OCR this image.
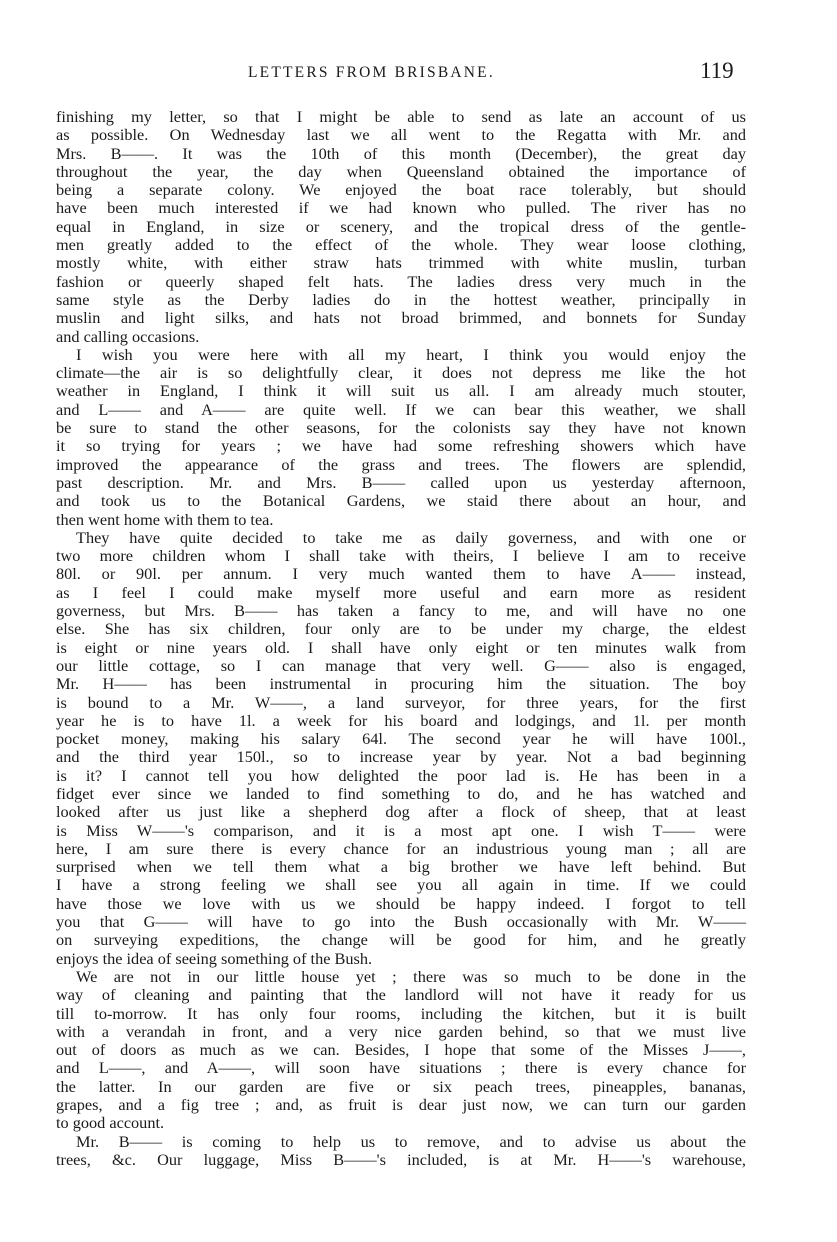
LETTERS FROM BRISBANE.	119
finishing my letter, so that I might be able to send as late an account of us
as possible. On Wednesday last we all went to the Regatta with Mr. and
Mrs. B——. It was the 10th of this month (December), the great day
throughout the year, the day when Queensland obtained the importance of
being a separate colony. We enjoyed the boat race tolerably, but should
have been much interested if we had known who pulled. The river has no
equal in England, in size or scenery, and the tropical dress of the gentle-
men greatly added to the effect of the whole. They wear loose clothing,
mostly white, with either straw hats trimmed with white muslin, turban
fashion or queerly shaped felt hats. The ladies dress very much in the
same style as the Derby ladies do in the hottest weather, principally in
muslin and light silks, and hats not broad brimmed, and bonnets for Sunday
and calling occasions.
I wish you were here with all my heart, I think you would enjoy the
climate—the air is so delightfully clear, it does not depress me like the hot
weather in England, I think it will suit us all. I am already much stouter,
and L—— and A—— are quite well. If we can bear this weather, we shall
be sure to stand the other seasons, for the colonists say they have not known
it so trying for years ; we have had some refreshing showers which have
improved the appearance of the grass and trees. The flowers are splendid,
past description. Mr. and Mrs. B—— called upon us yesterday afternoon,
and took us to the Botanical Gardens, we staid there about an hour, and
then went home with them to tea.
They have quite decided to take me as daily governess, and with one or
two more children whom I shall take with theirs, I believe I am to receive
80l. or 90l. per annum. I very much wanted them to have A—— instead,
as I feel I could make myself more useful and earn more as resident
governess, but Mrs. B—— has taken a fancy to me, and will have no one
else. She has six children, four only are to be under my charge, the eldest
is eight or nine years old. I shall have only eight or ten minutes walk from
our little cottage, so I can manage that very well. G—— also is engaged,
Mr. H—— has been instrumental in procuring him the situation. The boy
is bound to a Mr. W——, a land surveyor, for three years, for the first
year he is to have 1l. a week for his board and lodgings, and 1l. per month
pocket money, making his salary 64l. The second year he will have 100l.,
and the third year 150l., so to increase year by year. Not a bad beginning
is it? I cannot tell you how delighted the poor lad is. He has been in a
fidget ever since we landed to find something to do, and he has watched and
looked after us just like a shepherd dog after a flock of sheep, that at least
is Miss W——'s comparison, and it is a most apt one. I wish T—— were
here, I am sure there is every chance for an industrious young man ; all are
surprised when we tell them what a big brother we have left behind. But
I have a strong feeling we shall see you all again in time. If we could
have those we love with us we should be happy indeed. I forgot to tell
you that G—— will have to go into the Bush occasionally with Mr. W——
on surveying expeditions, the change will be good for him, and he greatly
enjoys the idea of seeing something of the Bush.
We are not in our little house yet ; there was so much to be done in the
way of cleaning and painting that the landlord will not have it ready for us
till to-morrow. It has only four rooms, including the kitchen, but it is built
with a verandah in front, and a very nice garden behind, so that we must live
out of doors as much as we can. Besides, I hope that some of the Misses J——,
and L——, and A——, will soon have situations ; there is every chance for
the latter. In our garden are five or six peach trees, pineapples, bananas,
grapes, and a fig tree ; and, as fruit is dear just now, we can turn our garden
to good account.
Mr. B—— is coming to help us to remove, and to advise us about the
trees, &c. Our luggage, Miss B——'s included, is at Mr. H——'s warehouse,
